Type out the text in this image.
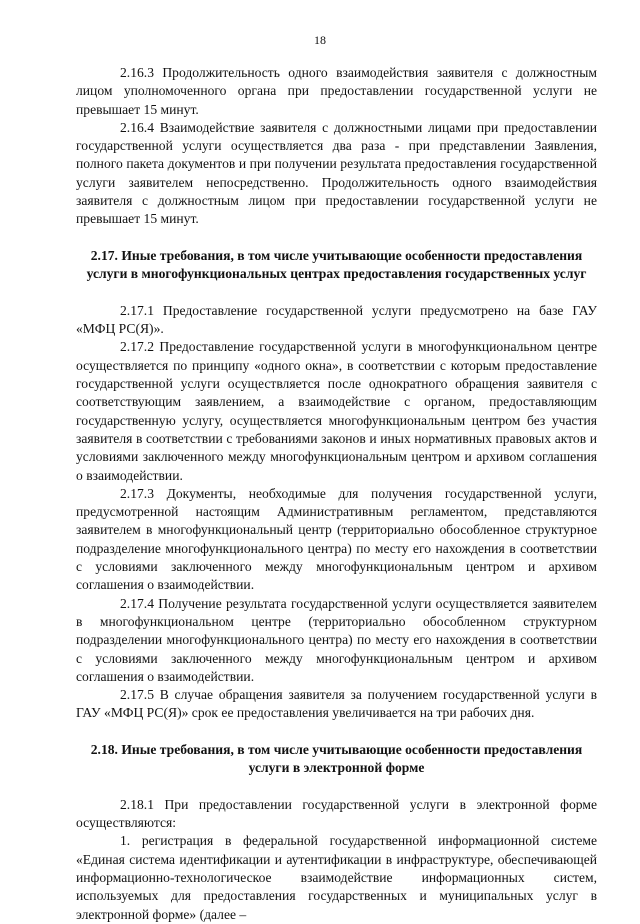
18

2.16.3 Продолжительность одного взаимодействия заявителя с должностным лицом уполномоченного органа при предоставлении государственной услуги не превышает 15 минут.

2.16.4 Взаимодействие заявителя с должностными лицами при предоставлении государственной услуги осуществляется два раза - при представлении Заявления, полного пакета документов и при получении результата предоставления государственной услуги заявителем непосредственно. Продолжительность одного взаимодействия заявителя с должностным лицом при предоставлении государственной услуги не превышает 15 минут.

2.17. Иные требования, в том числе учитывающие особенности предоставления услуги в многофункциональных центрах предоставления государственных услуг

2.17.1 Предоставление государственной услуги предусмотрено на базе ГАУ «МФЦ РС(Я)».

2.17.2 Предоставление государственной услуги в многофункциональном центре осуществляется по принципу «одного окна», в соответствии с которым предоставление государственной услуги осуществляется после однократного обращения заявителя с соответствующим заявлением, а взаимодействие с органом, предоставляющим государственную услугу, осуществляется многофункциональным центром без участия заявителя в соответствии с требованиями законов и иных нормативных правовых актов и условиями заключенного между многофункциональным центром и архивом соглашения о взаимодействии.

2.17.3 Документы, необходимые для получения государственной услуги, предусмотренной настоящим Административным регламентом, представляются заявителем в многофункциональный центр (территориально обособленное структурное подразделение многофункционального центра) по месту его нахождения в соответствии с условиями заключенного между многофункциональным центром и архивом соглашения о взаимодействии.

2.17.4 Получение результата государственной услуги осуществляется заявителем в многофункциональном центре (территориально обособленном структурном подразделении многофункционального центра) по месту его нахождения в соответствии с условиями заключенного между многофункциональным центром и архивом соглашения о взаимодействии.

2.17.5 В случае обращения заявителя за получением государственной услуги в ГАУ «МФЦ РС(Я)» срок ее предоставления увеличивается на три рабочих дня.

2.18. Иные требования, в том числе учитывающие особенности предоставления услуги в электронной форме

2.18.1 При предоставлении государственной услуги в электронной форме осуществляются:

1. регистрация в федеральной государственной информационной системе «Единая система идентификации и аутентификации в инфраструктуре, обеспечивающей информационно-технологическое взаимодействие информационных систем, используемых для предоставления государственных и муниципальных услуг в электронной форме» (далее –
